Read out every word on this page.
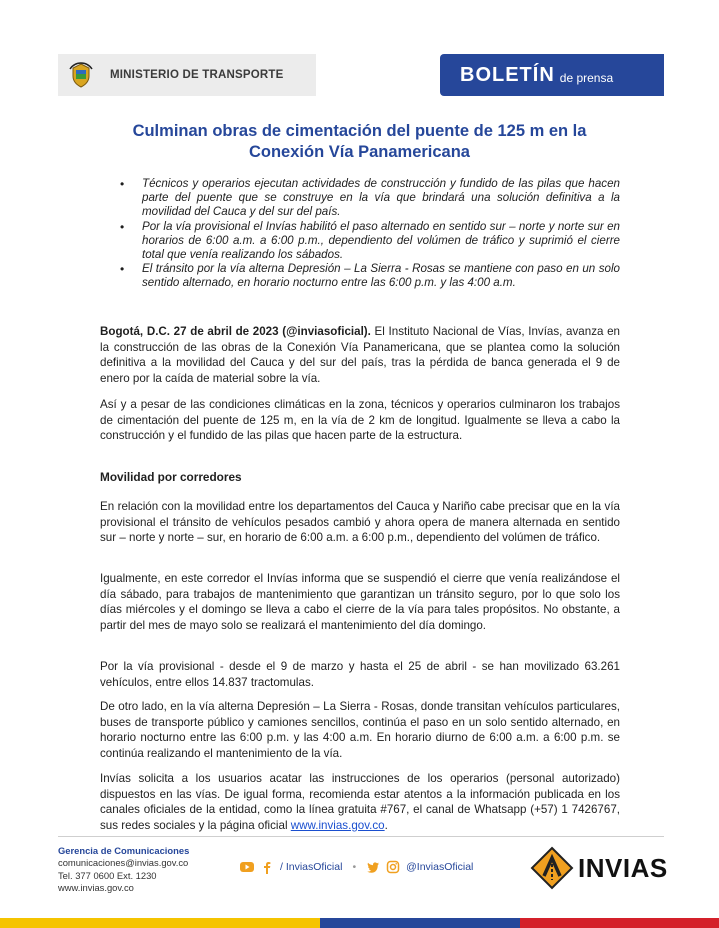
MINISTERIO DE TRANSPORTE	BOLETÍN de prensa
Culminan obras de cimentación del puente de 125 m en la
Conexión Vía Panamericana
• Técnicos y operarios ejecutan actividades de construcción y fundido de las pilas que hacen parte del puente que se construye en la vía que brindará una solución definitiva a la movilidad del Cauca y del sur del país.
• Por la vía provisional el Invías habilitó el paso alternado en sentido sur – norte y norte sur en horarios de 6:00 a.m. a 6:00 p.m., dependiento del volúmen de tráfico y suprimió el cierre total que venía realizando los sábados.
• El tránsito por la vía alterna Depresión – La Sierra - Rosas se mantiene con paso en un solo sentido alternado, en horario nocturno entre las 6:00 p.m. y las 4:00 a.m.

Bogotá, D.C. 27 de abril de 2023 (@inviasoficial). El Instituto Nacional de Vías, Invías, avanza en la construcción de las obras de la Conexión Vía Panamericana, que se plantea como la solución definitiva a la movilidad del Cauca y del sur del país, tras la pérdida de banca generada el 9 de enero por la caída de material sobre la vía.

Así y a pesar de las condiciones climáticas en la zona, técnicos y operarios culminaron los trabajos de cimentación del puente de 125 m, en la vía de 2 km de longitud. Igualmente se lleva a cabo la construcción y el fundido de las pilas que hacen parte de la estructura.

Movilidad por corredores

En relación con la movilidad entre los departamentos del Cauca y Nariño cabe precisar que en la vía provisional el tránsito de vehículos pesados cambió y ahora opera de manera alternada en sentido sur – norte y norte – sur, en horario de 6:00 a.m. a 6:00 p.m., dependiento del volúmen de tráfico.

Igualmente, en este corredor el Invías informa que se suspendió el cierre que venía realizándose el día sábado, para trabajos de mantenimiento que garantizan un tránsito seguro, por lo que solo los días miércoles y el domingo se lleva a cabo el cierre de la vía para tales propósitos. No obstante, a partir del mes de mayo solo se realizará el mantenimiento del día domingo.

Por la vía provisional - desde el 9 de marzo y hasta el 25 de abril - se han movilizado 63.261 vehículos, entre ellos 14.837 tractomulas.

De otro lado, en la vía alterna Depresión – La Sierra - Rosas, donde transitan vehículos particulares, buses de transporte público y camiones sencillos, continúa el paso en un solo sentido alternado, en horario nocturno entre las 6:00 p.m. y las 4:00 a.m. En horario diurno de 6:00 a.m. a 6:00 p.m. se continúa realizando el mantenimiento de la vía.

Invías solicita a los usuarios acatar las instrucciones de los operarios (personal autorizado) dispuestos en las vías. De igual forma, recomienda estar atentos a la información publicada en los canales oficiales de la entidad, como la línea gratuita #767, el canal de Whatsapp (+57) 1 7426767, sus redes sociales y la página oficial www.invias.gov.co.

Gerencia de Comunicaciones
comunicaciones@invias.gov.co
Tel. 377 0600 Ext. 1230
www.invias.gov.co
/ InviasOficial •	@InviasOficial	INVIAS
